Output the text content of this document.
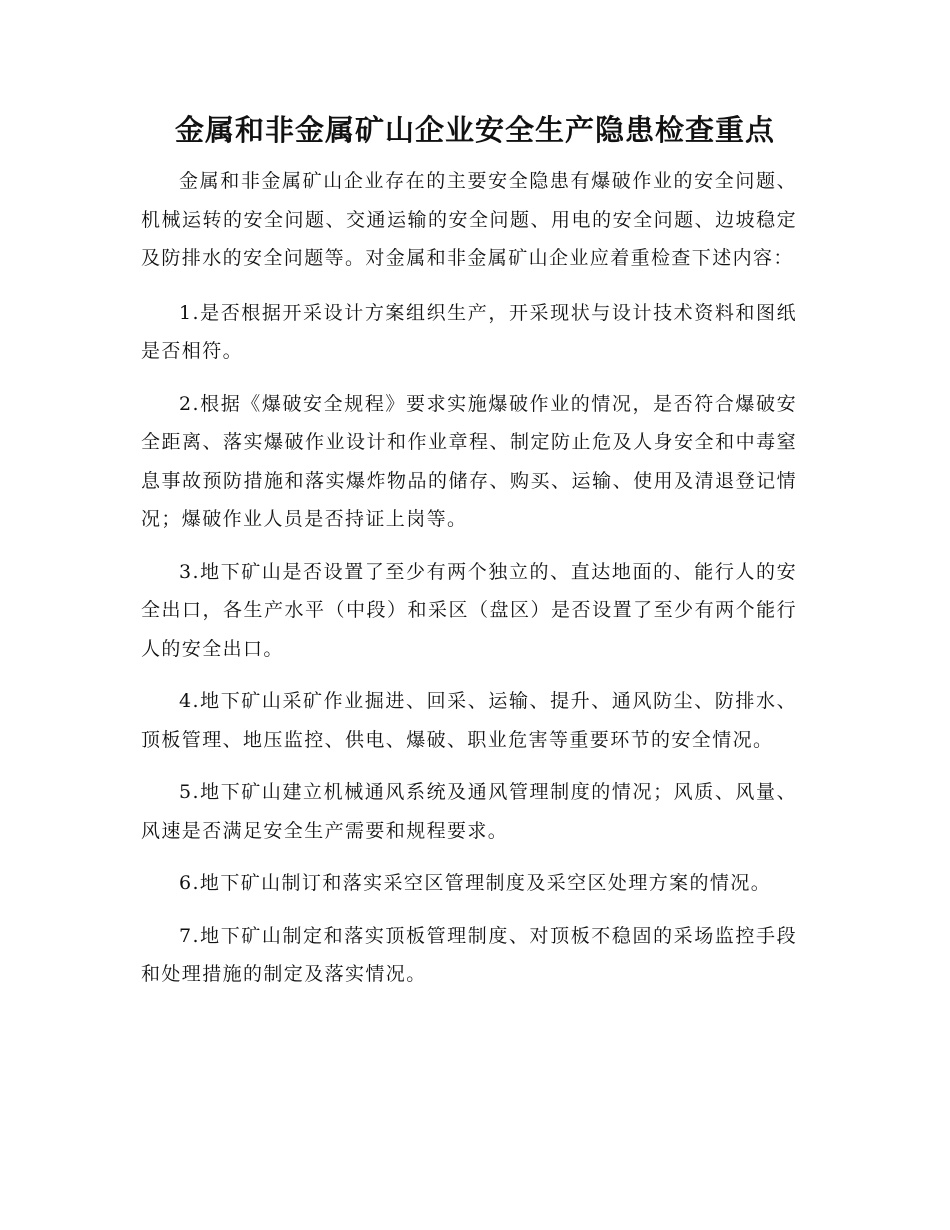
金属和非金属矿山企业安全生产隐患检查重点

金属和非金属矿山企业存在的主要安全隐患有爆破作业的安全问题、机械运转的安全问题、交通运输的安全问题、用电的安全问题、边坡稳定及防排水的安全问题等。对金属和非金属矿山企业应着重检查下述内容：

1.是否根据开采设计方案组织生产，开采现状与设计技术资料和图纸是否相符。

2.根据《爆破安全规程》要求实施爆破作业的情况，是否符合爆破安全距离、落实爆破作业设计和作业章程、制定防止危及人身安全和中毒窒息事故预防措施和落实爆炸物品的储存、购买、运输、使用及清退登记情况；爆破作业人员是否持证上岗等。

3.地下矿山是否设置了至少有两个独立的、直达地面的、能行人的安全出口，各生产水平（中段）和采区（盘区）是否设置了至少有两个能行人的安全出口。

4.地下矿山采矿作业掘进、回采、运输、提升、通风防尘、防排水、顶板管理、地压监控、供电、爆破、职业危害等重要环节的安全情况。

5.地下矿山建立机械通风系统及通风管理制度的情况；风质、风量、风速是否满足安全生产需要和规程要求。

6.地下矿山制订和落实采空区管理制度及采空区处理方案的情况。

7.地下矿山制定和落实顶板管理制度、对顶板不稳固的采场监控手段和处理措施的制定及落实情况。
